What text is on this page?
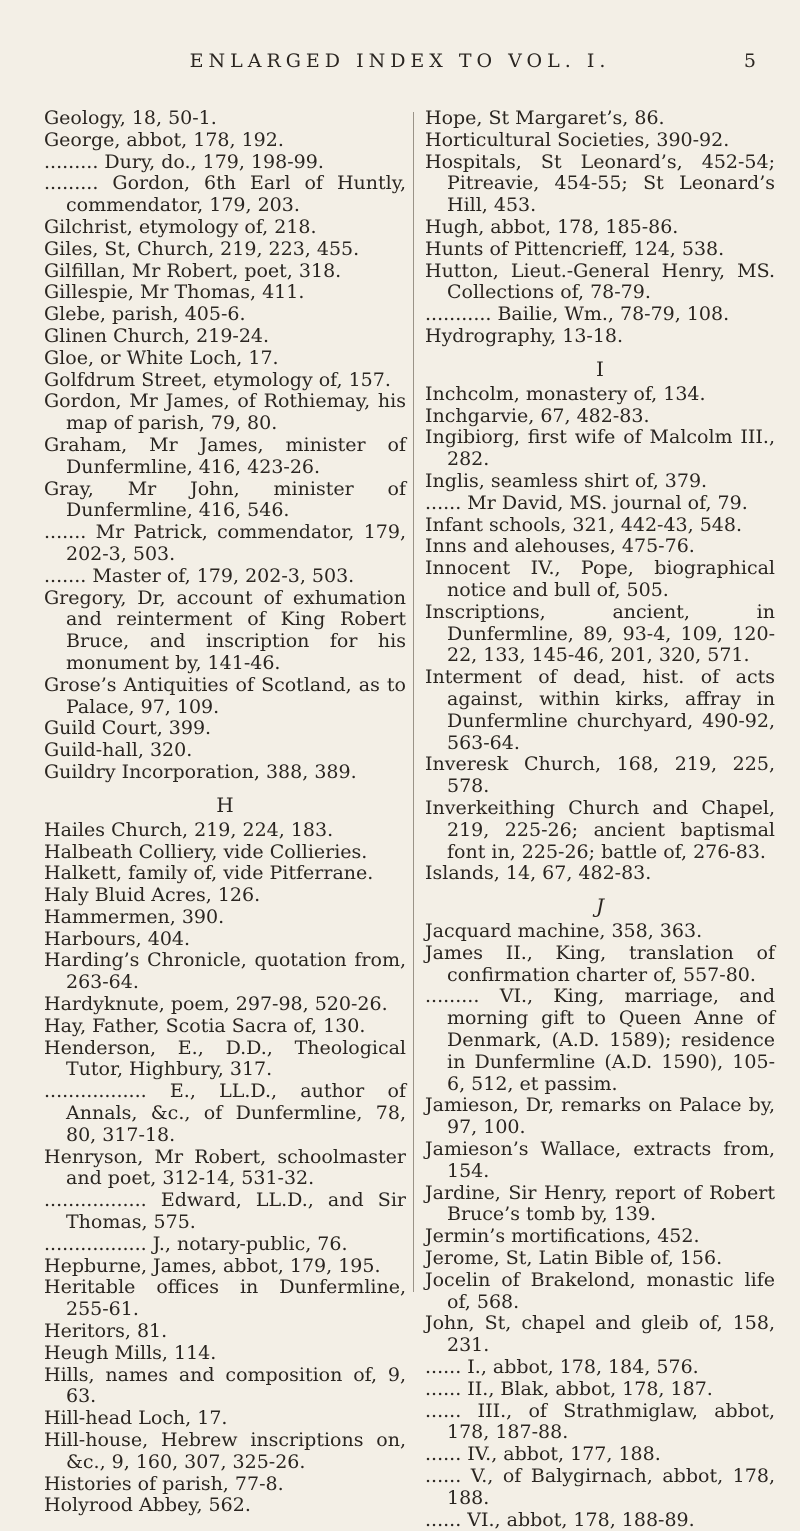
ENLARGED INDEX TO VOL. I.	5

Geology, 18, 50-1.

George, abbot, 178, 192.

......... Dury, do., 179, 198-99.

......... Gordon, 6th Earl of Huntly, commendator, 179, 203.

Gilchrist, etymology of, 218.

Giles, St, Church, 219, 223, 455.

Gilfillan, Mr Robert, poet, 318.

Gillespie, Mr Thomas, 411.

Glebe, parish, 405-6.

Glinen Church, 219-24.

Gloe, or White Loch, 17.

Golfdrum Street, etymology of, 157.

Gordon, Mr James, of Rothiemay, his map of parish, 79, 80.

Graham, Mr James, minister of Dunfermline, 416, 423-26.

Gray, Mr John, minister of Dunfermline, 416, 546.

....... Mr Patrick, commendator, 179, 202-3, 503.

....... Master of, 179, 202-3, 503.

Gregory, Dr, account of exhumation and reinterment of King Robert Bruce, and inscription for his monument by, 141-46.

Grose’s Antiquities of Scotland, as to Palace, 97, 109.

Guild Court, 399.

Guild-hall, 320.

Guildry Incorporation, 388, 389.

H

Hailes Church, 219, 224, 183.

Halbeath Colliery, vide Collieries.

Halkett, family of, vide Pitferrane.

Haly Bluid Acres, 126.

Hammermen, 390.

Harbours, 404.

Harding’s Chronicle, quotation from, 263-64.

Hardyknute, poem, 297-98, 520-26.

Hay, Father, Scotia Sacra of, 130.

Henderson, E., D.D., Theological Tutor, Highbury, 317.

................. E., LL.D., author of Annals, &c., of Dunfermline, 78, 80, 317-18.

Henryson, Mr Robert, schoolmaster and poet, 312-14, 531-32.

................. Edward, LL.D., and Sir Thomas, 575.

................. J., notary-public, 76.

Hepburne, James, abbot, 179, 195.

Heritable offices in Dunfermline, 255-61.

Heritors, 81.

Heugh Mills, 114.

Hills, names and composition of, 9, 63.

Hill-head Loch, 17.

Hill-house, Hebrew inscriptions on, &c., 9, 160, 307, 325-26.

Histories of parish, 77-8.

Holyrood Abbey, 562.

Hope, St Margaret’s, 86.

Horticultural Societies, 390-92.

Hospitals, St Leonard’s, 452-54; Pitreavie, 454-55; St Leonard’s Hill, 453.

Hugh, abbot, 178, 185-86.

Hunts of Pittencrieff, 124, 538.

Hutton, Lieut.-General Henry, MS. Collections of, 78-79.

........... Bailie, Wm., 78-79, 108.

Hydrography, 13-18.

I

Inchcolm, monastery of, 134.

Inchgarvie, 67, 482-83.

Ingibiorg, first wife of Malcolm III., 282.

Inglis, seamless shirt of, 379.

...... Mr David, MS. journal of, 79.

Infant schools, 321, 442-43, 548.

Inns and alehouses, 475-76.

Innocent IV., Pope, biographical notice and bull of, 505.

Inscriptions, ancient, in Dunfermline, 89, 93-4, 109, 120-22, 133, 145-46, 201, 320, 571.

Interment of dead, hist. of acts against, within kirks, affray in Dunfermline churchyard, 490-92, 563-64.

Inveresk Church, 168, 219, 225, 578.

Inverkeithing Church and Chapel, 219, 225-26; ancient baptismal font in, 225-26; battle of, 276-83.

Islands, 14, 67, 482-83.

J

Jacquard machine, 358, 363.

James II., King, translation of confirmation charter of, 557-80.

......... VI., King, marriage, and morning gift to Queen Anne of Denmark, (A.D. 1589); residence in Dunfermline (A.D. 1590), 105-6, 512, et passim.

Jamieson, Dr, remarks on Palace by, 97, 100.

Jamieson’s Wallace, extracts from, 154.

Jardine, Sir Henry, report of Robert Bruce’s tomb by, 139.

Jermin’s mortifications, 452.

Jerome, St, Latin Bible of, 156.

Jocelin of Brakelond, monastic life of, 568.

John, St, chapel and gleib of, 158, 231.

...... I., abbot, 178, 184, 576.

...... II., Blak, abbot, 178, 187.

...... III., of Strathmiglaw, abbot, 178, 187-88.

...... IV., abbot, 177, 188.

...... V., of Balygirnach, abbot, 178, 188.

...... VI., abbot, 178, 188-89.
